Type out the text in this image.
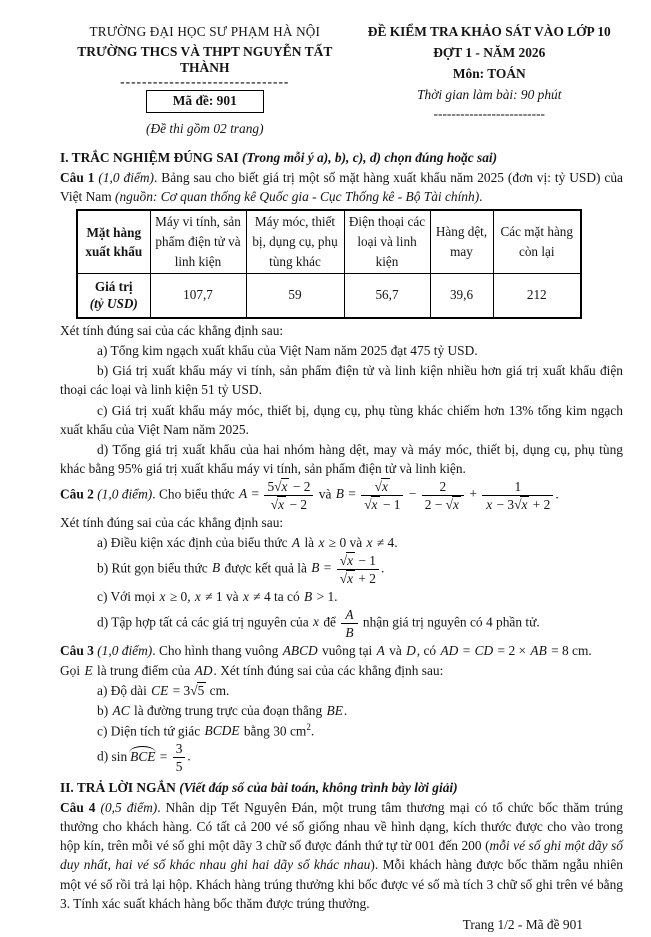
TRƯỜNG ĐẠI HỌC SƯ PHẠM HÀ NỘI
TRƯỜNG THCS VÀ THPT NGUYỄN TẤT THÀNH
-------------------------------
Mã đề: 901
(Đề thi gồm 02 trang)
ĐỀ KIỂM TRA KHẢO SÁT VÀO LỚP 10
ĐỢT 1 - NĂM 2026
Môn: TOÁN
Thời gian làm bài: 90 phút
-------------------------

I. TRẮC NGHIỆM ĐÚNG SAI (Trong mỗi ý a), b), c), d) chọn đúng hoặc sai)

Câu 1 (1,0 điểm). Bảng sau cho biết giá trị một số mặt hàng xuất khẩu năm 2025 (đơn vị: tỷ USD) của Việt Nam (nguồn: Cơ quan thống kê Quốc gia - Cục Thống kê - Bộ Tài chính).

Mặt hàng xuất khẩu	Máy vi tính, sản phẩm điện tử và linh kiện	Máy móc, thiết bị, dụng cụ, phụ tùng khác	Điện thoại các loại và linh kiện	Hàng dệt, may	Các mặt hàng còn lại

Giá trị
(tỷ USD)	107,7	59	56,7	39,6	212

Xét tính đúng sai của các khẳng định sau:

a) Tổng kim ngạch xuất khẩu của Việt Nam năm 2025 đạt 475 tỷ USD.

b) Giá trị xuất khẩu máy vi tính, sản phẩm điện tử và linh kiện nhiều hơn giá trị xuất khẩu điện thoại các loại và linh kiện 51 tỷ USD.

c) Giá trị xuất khẩu máy móc, thiết bị, dụng cụ, phụ tùng khác chiếm hơn 13% tổng kim ngạch xuất khẩu của Việt Nam năm 2025.

d) Tổng giá trị xuất khẩu của hai nhóm hàng dệt, may và máy móc, thiết bị, dụng cụ, phụ tùng khác bằng 95% giá trị xuất khẩu máy vi tính, sản phẩm điện tử và linh kiện.

Câu 2 (1,0 điểm). Cho biểu thức $A = \frac{5√x - 2}{√x - 2}$ và $B = \frac{√x}{√x - 1} - \frac{2}{2 - √x} + \frac{1}{x - 3√x + 2}$ .

Xét tính đúng sai của các khẳng định sau:

a) Điều kiện xác định của biểu thức A là x ≥ 0 và x ≠ 4.

b) Rút gọn biểu thức B được kết quả là $B = \frac{√x - 1}{√x + 2}$ .

c) Với mọi x ≥ 0, x ≠ 1 và x ≠ 4 ta có B > 1.

d) Tập hợp tất cả các giá trị nguyên của x để $\frac{A}{B}$ nhận giá trị nguyên có 4 phần tử.

Câu 3 (1,0 điểm). Cho hình thang vuông ABCD vuông tại A và D, có AD = CD = 2 × AB = 8 cm.

Gọi E là trung điểm của AD. Xét tính đúng sai của các khẳng định sau:

a) Độ dài CE = 3√5 cm.

b) AC là đường trung trực của đoạn thẳng BE.

c) Diện tích tứ giác BCDE bằng 30 $cm^2$.

d) sin BCE = $\frac{3}{5}$ .

II. TRẢ LỜI NGẮN (Viết đáp số của bài toán, không trình bày lời giải)

Câu 4 (0,5 điểm). Nhân dịp Tết Nguyên Đán, một trung tâm thương mại có tổ chức bốc thăm trúng thưởng cho khách hàng. Có tất cả 200 vé số giống nhau về hình dạng, kích thước được cho vào trong hộp kín, trên mỗi vé số ghi một dãy 3 chữ số được đánh thứ tự từ 001 đến 200 (mỗi vé số ghi một dãy số duy nhất, hai vé số khác nhau ghi hai dãy số khác nhau). Mỗi khách hàng được bốc thăm ngẫu nhiên một vé số rồi trả lại hộp. Khách hàng trúng thưởng khi bốc được vé số mà tích 3 chữ số ghi trên vé bằng 3. Tính xác suất khách hàng bốc thăm được trúng thưởng.

Trang 1/2 - Mã đề 901
